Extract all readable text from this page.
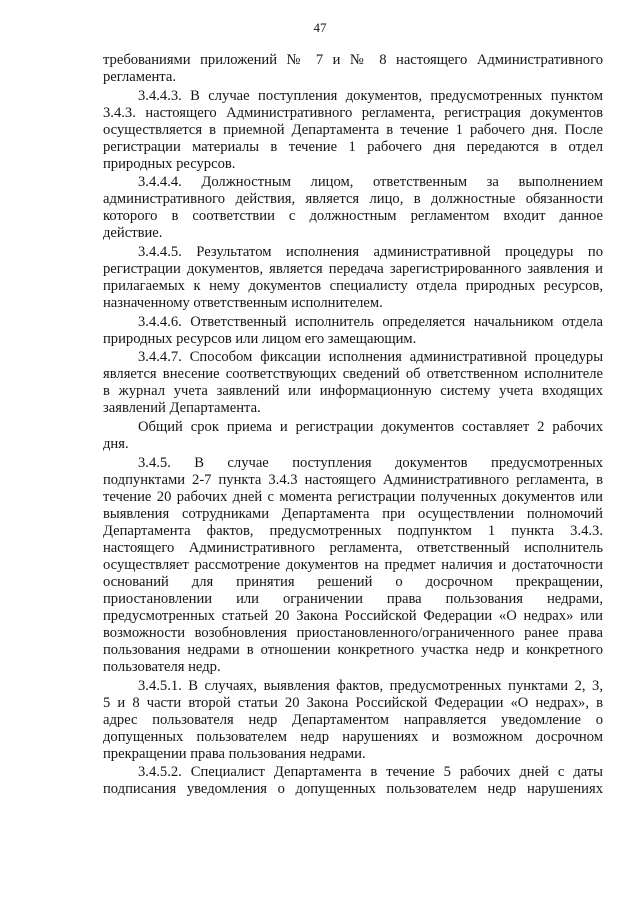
47
требованиями приложений № 7 и № 8 настоящего Административного
регламента.
3.4.4.3. В случае поступления документов, предусмотренных пунктом
3.4.3. настоящего Административного регламента, регистрация документов
осуществляется в приемной Департамента в течение 1 рабочего дня. После
регистрации материалы в течение 1 рабочего дня передаются в отдел
природных ресурсов.
3.4.4.4. Должностным лицом, ответственным за выполнением
административного действия, является лицо, в должностные обязанности
которого в соответствии с должностным регламентом входит данное
действие.
3.4.4.5. Результатом исполнения административной процедуры по
регистрации документов, является передача зарегистрированного заявления и
прилагаемых к нему документов специалисту отдела природных ресурсов,
назначенному ответственным исполнителем.
3.4.4.6. Ответственный исполнитель определяется начальником отдела
природных ресурсов или лицом его замещающим.
3.4.4.7. Способом фиксации исполнения административной процедуры
является внесение соответствующих сведений об ответственном исполнителе
в журнал учета заявлений или информационную систему учета входящих
заявлений Департамента.
Общий срок приема и регистрации документов составляет 2 рабочих
дня.
3.4.5. В случае поступления документов предусмотренных
подпунктами 2-7 пункта 3.4.3 настоящего Административного регламента, в
течение 20 рабочих дней с момента регистрации полученных документов или
выявления сотрудниками Департамента при осуществлении полномочий
Департамента фактов, предусмотренных подпунктом 1 пункта 3.4.3.
настоящего Административного регламента, ответственный исполнитель
осуществляет рассмотрение документов на предмет наличия и достаточности
оснований для принятия решений о досрочном прекращении,
приостановлении или ограничении права пользования недрами,
предусмотренных статьей 20 Закона Российской Федерации «О недрах» или
возможности возобновления приостановленного/ограниченного ранее права
пользования недрами в отношении конкретного участка недр и конкретного
пользователя недр.
3.4.5.1. В случаях, выявления фактов, предусмотренных пунктами 2, 3,
5 и 8 части второй статьи 20 Закона Российской Федерации «О недрах», в
адрес пользователя недр Департаментом направляется уведомление о
допущенных пользователем недр нарушениях и возможном досрочном
прекращении права пользования недрами.
3.4.5.2. Специалист Департамента в течение 5 рабочих дней с даты
подписания уведомления о допущенных пользователем недр нарушениях
